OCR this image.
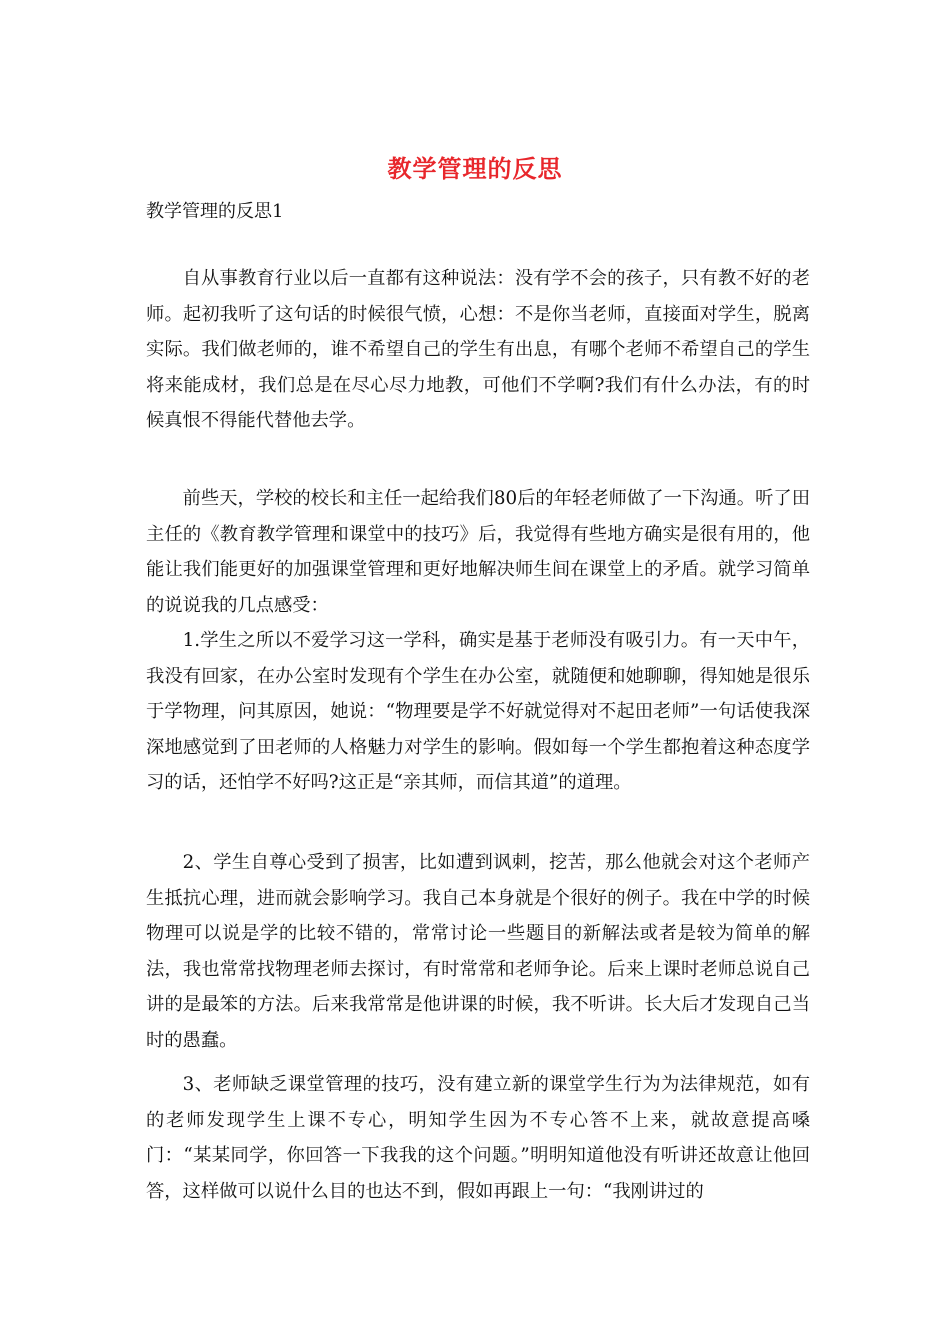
教学管理的反思
教学管理的反思1

自从事教育行业以后一直都有这种说法：没有学不会的孩子，只有教不好的老师。起初我听了这句话的时候很气愤，心想：不是你当老师，直接面对学生，脱离实际。我们做老师的，谁不希望自己的学生有出息，有哪个老师不希望自己的学生将来能成材，我们总是在尽心尽力地教，可他们不学啊?我们有什么办法，有的时候真恨不得能代替他去学。

前些天，学校的校长和主任一起给我们80后的年轻老师做了一下沟通。听了田主任的《教育教学管理和课堂中的技巧》后，我觉得有些地方确实是很有用的，他能让我们能更好的加强课堂管理和更好地解决师生间在课堂上的矛盾。就学习简单的说说我的几点感受：

1.学生之所以不爱学习这一学科，确实是基于老师没有吸引力。有一天中午，我没有回家，在办公室时发现有个学生在办公室，就随便和她聊聊，得知她是很乐于学物理，问其原因，她说：“物理要是学不好就觉得对不起田老师”一句话使我深深地感觉到了田老师的人格魅力对学生的影响。假如每一个学生都抱着这种态度学习的话，还怕学不好吗?这正是“亲其师，而信其道”的道理。

2、学生自尊心受到了损害，比如遭到讽刺，挖苦，那么他就会对这个老师产生抵抗心理，进而就会影响学习。我自己本身就是个很好的例子。我在中学的时候物理可以说是学的比较不错的，常常讨论一些题目的新解法或者是较为简单的解法，我也常常找物理老师去探讨，有时常常和老师争论。后来上课时老师总说自己讲的是最笨的方法。后来我常常是他讲课的时候，我不听讲。长大后才发现自己当时的愚蠢。

3、老师缺乏课堂管理的技巧，没有建立新的课堂学生行为为法律规范，如有的老师发现学生上课不专心，明知学生因为不专心答不上来，就故意提高嗓门：“某某同学，你回答一下我我的这个问题。”明明知道他没有听讲还故意让他回答，这样做可以说什么目的也达不到，假如再跟上一句：“我刚讲过的
